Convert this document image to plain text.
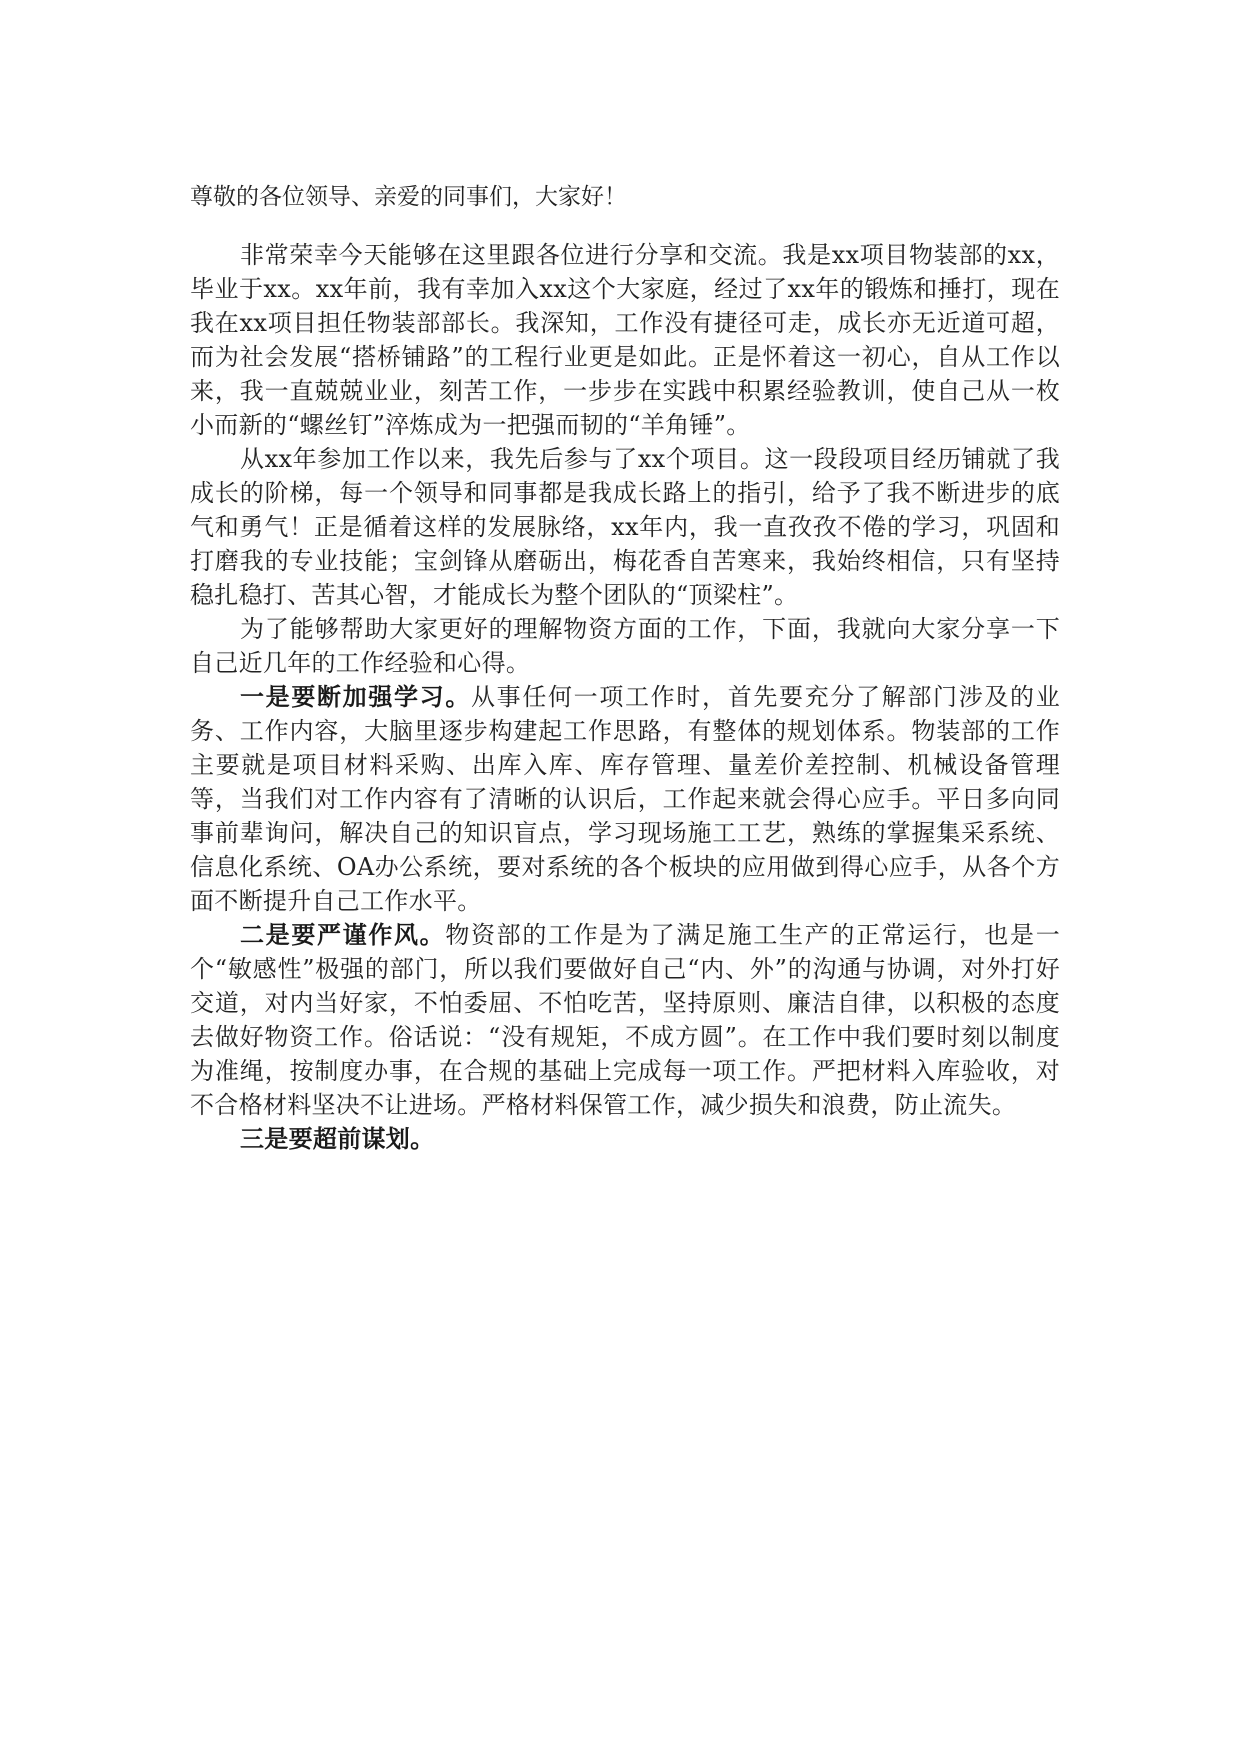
尊敬的各位领导、亲爱的同事们，大家好！

非常荣幸今天能够在这里跟各位进行分享和交流。我是xx项目物装部的xx，毕业于xx。xx年前，我有幸加入xx这个大家庭，经过了xx年的锻炼和捶打，现在我在xx项目担任物装部部长。我深知，工作没有捷径可走，成长亦无近道可超，而为社会发展“搭桥铺路”的工程行业更是如此。正是怀着这一初心，自从工作以来，我一直兢兢业业，刻苦工作，一步步在实践中积累经验教训，使自己从一枚小而新的“螺丝钉”淬炼成为一把强而韧的“羊角锤”。

从xx年参加工作以来，我先后参与了xx个项目。这一段段项目经历铺就了我成长的阶梯，每一个领导和同事都是我成长路上的指引，给予了我不断进步的底气和勇气！正是循着这样的发展脉络，xx年内，我一直孜孜不倦的学习，巩固和打磨我的专业技能；宝剑锋从磨砺出，梅花香自苦寒来，我始终相信，只有坚持稳扎稳打、苦其心智，才能成长为整个团队的“顶梁柱”。

为了能够帮助大家更好的理解物资方面的工作，下面，我就向大家分享一下自己近几年的工作经验和心得。

一是要断加强学习。从事任何一项工作时，首先要充分了解部门涉及的业务、工作内容，大脑里逐步构建起工作思路，有整体的规划体系。物装部的工作主要就是项目材料采购、出库入库、库存管理、量差价差控制、机械设备管理等，当我们对工作内容有了清晰的认识后，工作起来就会得心应手。平日多向同事前辈询问，解决自己的知识盲点，学习现场施工工艺，熟练的掌握集采系统、信息化系统、OA办公系统，要对系统的各个板块的应用做到得心应手，从各个方面不断提升自己工作水平。

二是要严谨作风。物资部的工作是为了满足施工生产的正常运行，也是一个“敏感性”极强的部门，所以我们要做好自己“内、外”的沟通与协调，对外打好交道，对内当好家，不怕委屈、不怕吃苦，坚持原则、廉洁自律，以积极的态度去做好物资工作。俗话说：“没有规矩，不成方圆”。在工作中我们要时刻以制度为准绳，按制度办事，在合规的基础上完成每一项工作。严把材料入库验收，对不合格材料坚决不让进场。严格材料保管工作，减少损失和浪费，防止流失。

三是要超前谋划。
